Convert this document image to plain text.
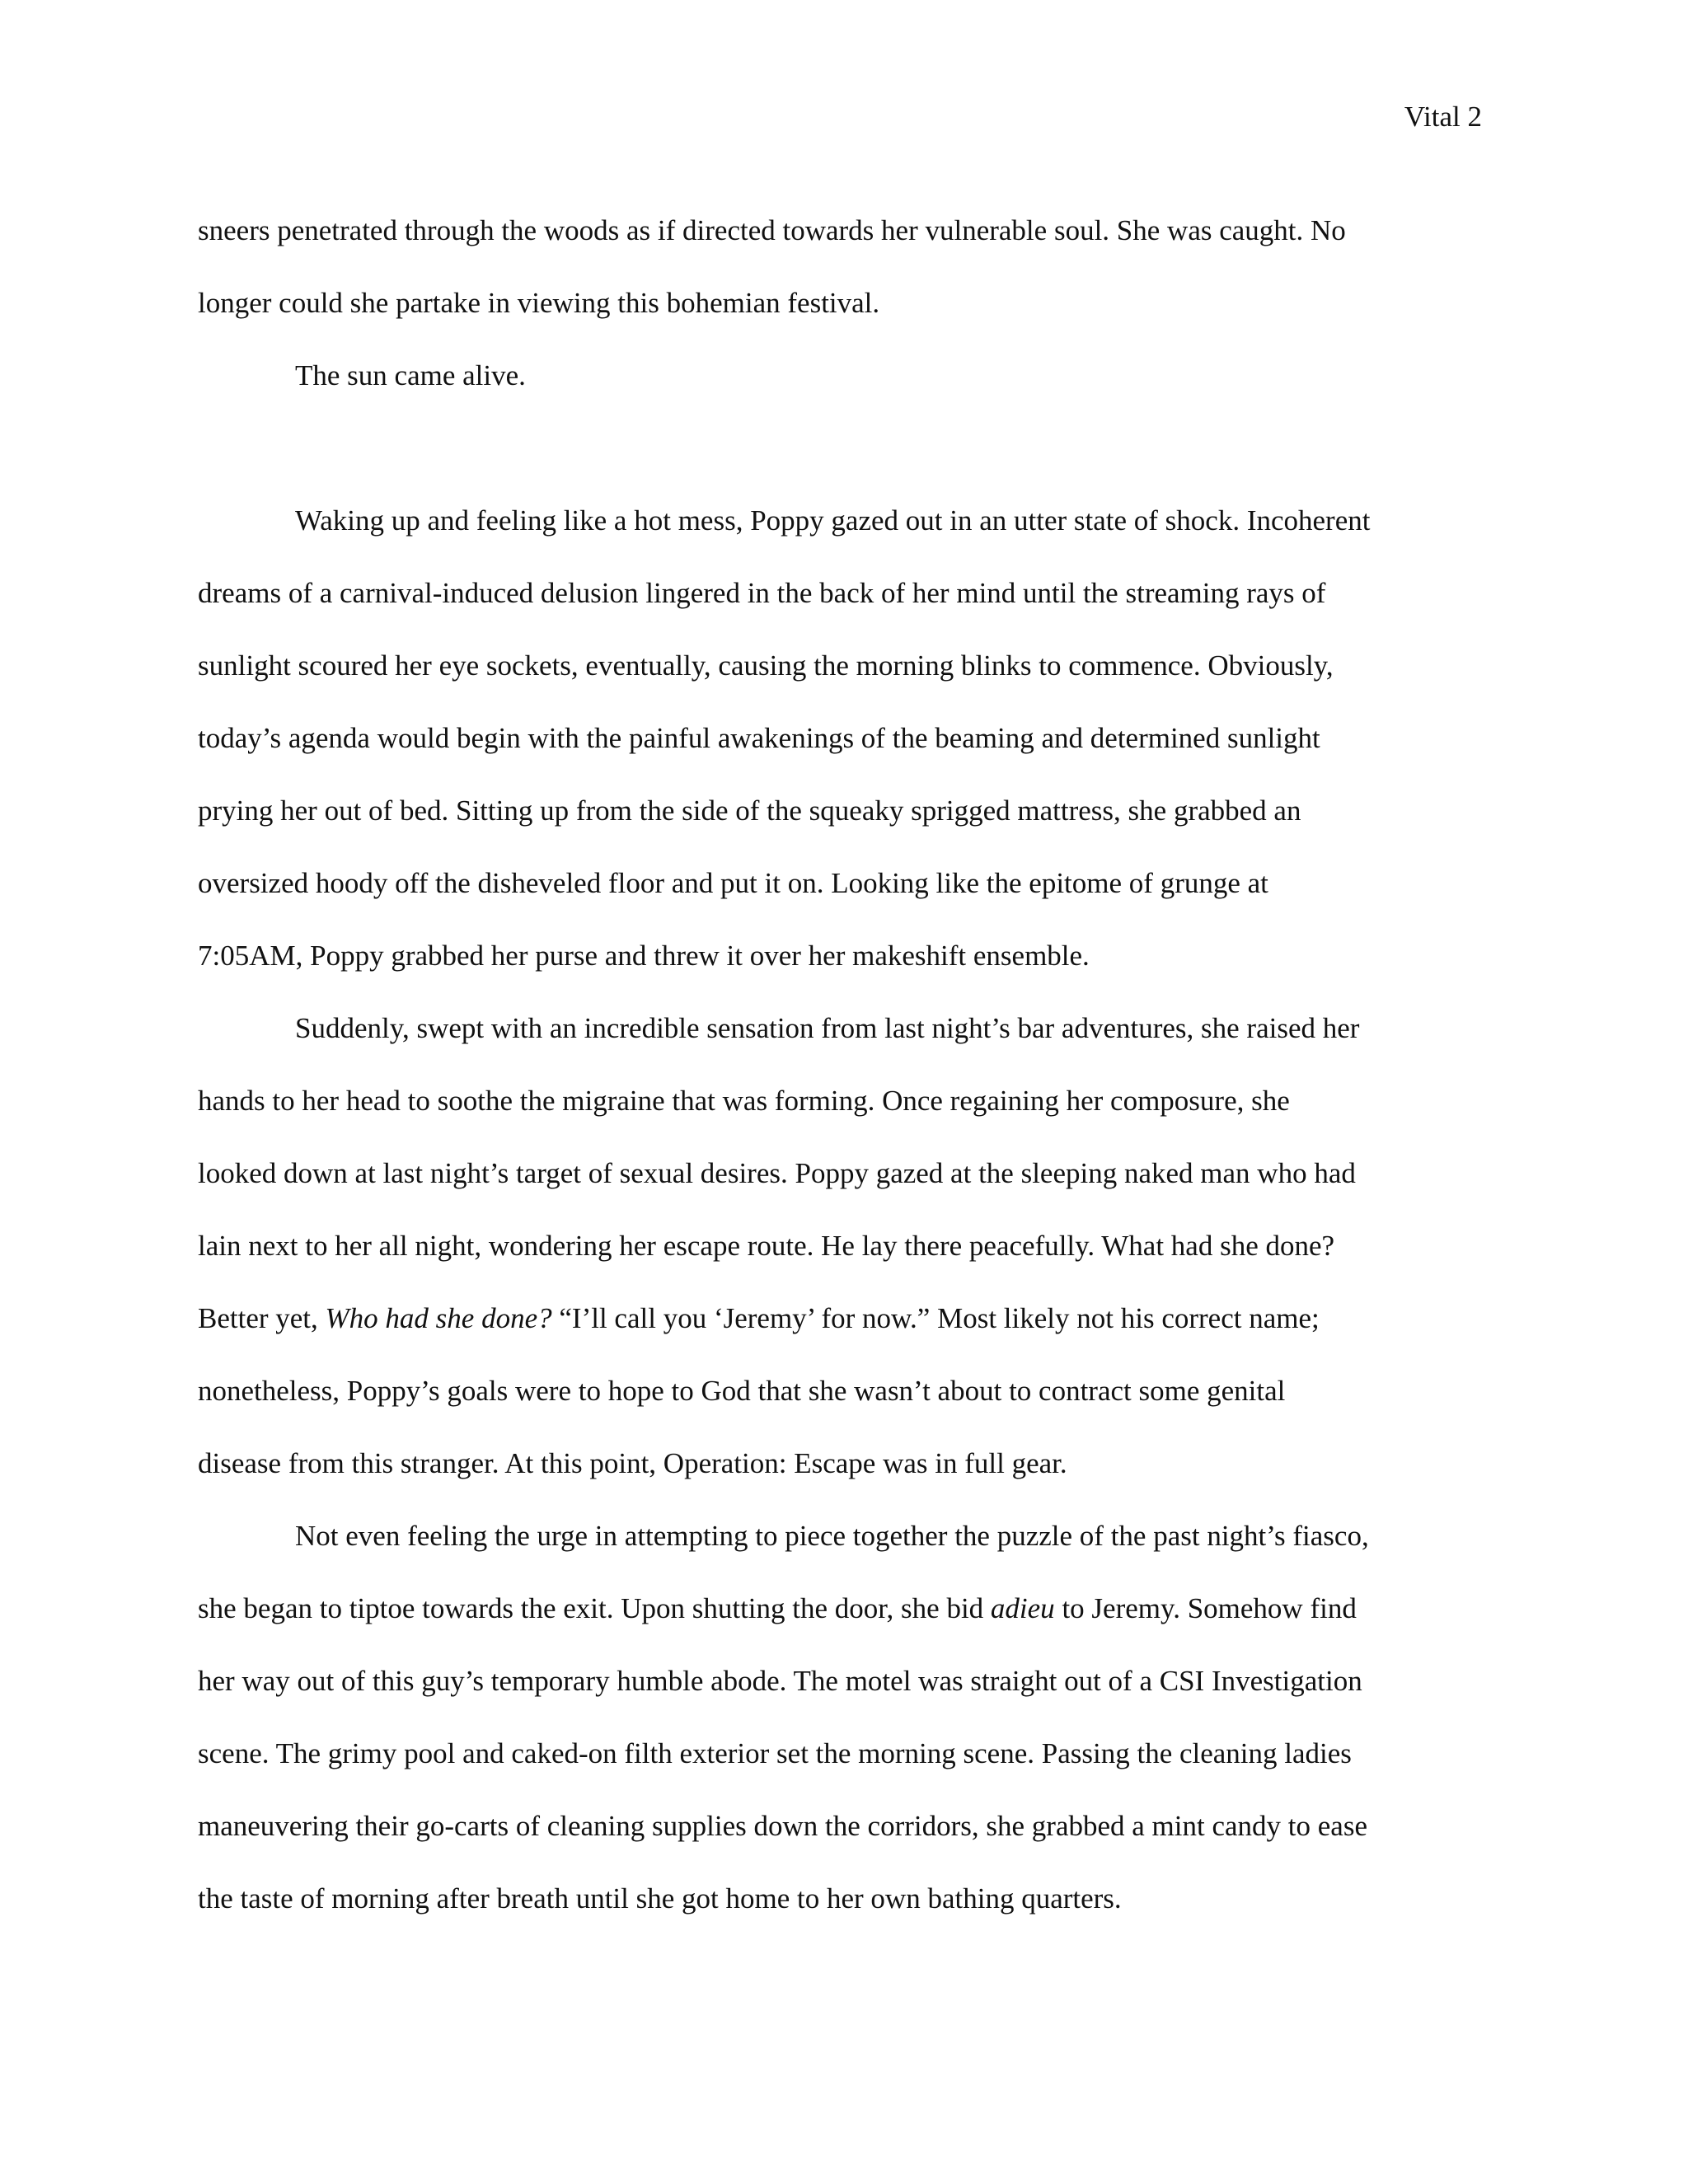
Vital 2
sneers penetrated through the woods as if directed towards her vulnerable soul. She was caught. No
longer could she partake in viewing this bohemian festival.
The sun came alive.
Waking up and feeling like a hot mess, Poppy gazed out in an utter state of shock. Incoherent
dreams of a carnival-induced delusion lingered in the back of her mind until the streaming rays of
sunlight scoured her eye sockets, eventually, causing the morning blinks to commence. Obviously,
today’s agenda would begin with the painful awakenings of the beaming and determined sunlight
prying her out of bed. Sitting up from the side of the squeaky sprigged mattress, she grabbed an
oversized hoody off the disheveled floor and put it on. Looking like the epitome of grunge at
7:05AM, Poppy grabbed her purse and threw it over her makeshift ensemble.
Suddenly, swept with an incredible sensation from last night’s bar adventures, she raised her
hands to her head to soothe the migraine that was forming. Once regaining her composure, she
looked down at last night’s target of sexual desires. Poppy gazed at the sleeping naked man who had
lain next to her all night, wondering her escape route. He lay there peacefully. What had she done?
Better yet, Who had she done? “I’ll call you ‘Jeremy’ for now.” Most likely not his correct name;
nonetheless, Poppy’s goals were to hope to God that she wasn’t about to contract some genital
disease from this stranger. At this point, Operation: Escape was in full gear.
Not even feeling the urge in attempting to piece together the puzzle of the past night’s fiasco,
she began to tiptoe towards the exit. Upon shutting the door, she bid adieu to Jeremy. Somehow find
her way out of this guy’s temporary humble abode. The motel was straight out of a CSI Investigation
scene. The grimy pool and caked-on filth exterior set the morning scene. Passing the cleaning ladies
maneuvering their go-carts of cleaning supplies down the corridors, she grabbed a mint candy to ease
the taste of morning after breath until she got home to her own bathing quarters.
